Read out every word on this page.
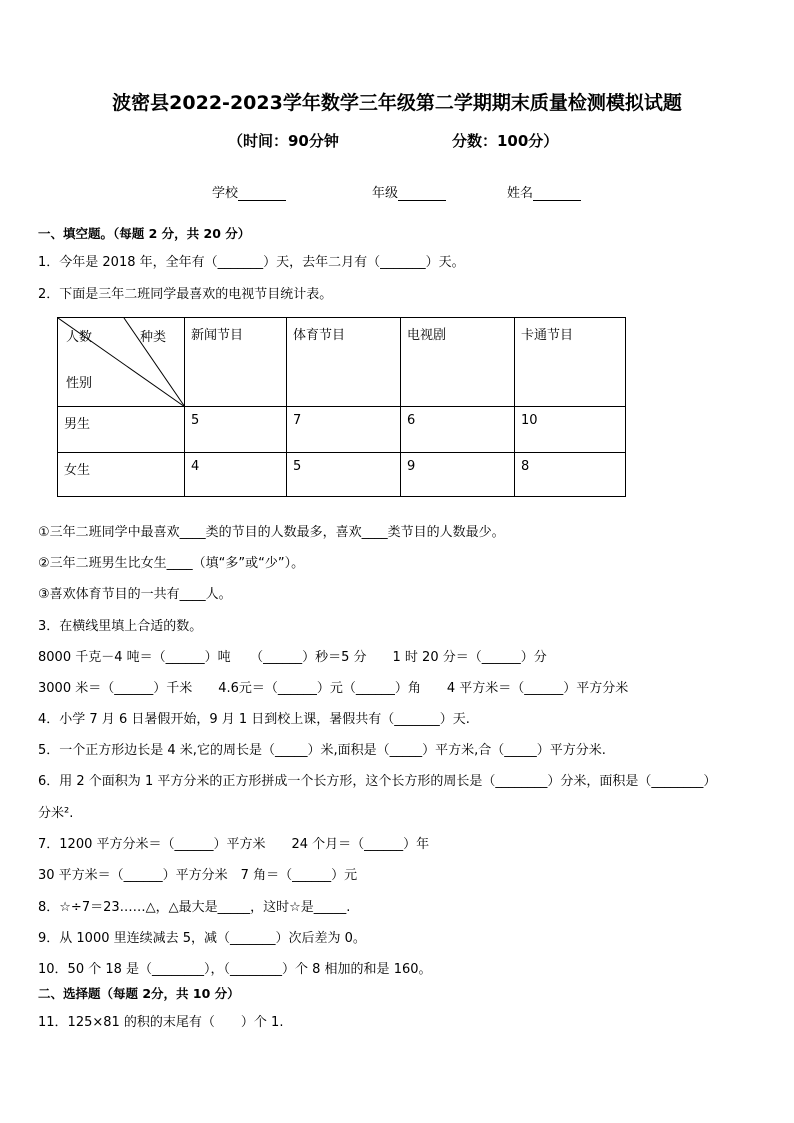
波密县2022-2023学年数学三年级第二学期期末质量检测模拟试题
（时间：90分钟	分数：100分）
学校	年级	姓名
一、填空题。（每题 2 分，共 20 分）
1．今年是 2018 年，全年有（_______）天，去年二月有（_______）天。
2．下面是三年二班同学最喜欢的电视节目统计表。
人数 种类
性别	新闻节目	体育节目	电视剧	卡通节目
男生	5	7	6	10
女生	4	5	9	8
①三年二班同学中最喜欢____类的节目的人数最多，喜欢____类节目的人数最少。
②三年二班男生比女生____（填“多”或“少”）。
③喜欢体育节目的一共有____人。
3．在横线里填上合适的数。
8000 千克－4 吨＝（______）吨　　（______）秒＝5 分　　1 时 20 分＝（______）分
3000 米＝（______）千米　　4.6元＝（______）元（______）角　　4 平方米＝（______）平方分米
4．小学 7 月 6 日暑假开始，9 月 1 日到校上课，暑假共有（_______）天.
5．一个正方形边长是 4 米,它的周长是（_____）米,面积是（_____）平方米,合（_____）平方分米.
6．用 2 个面积为 1 平方分米的正方形拼成一个长方形，这个长方形的周长是（________）分米，面积是（________）
分米².
7．1200 平方分米＝（______）平方米　　24 个月＝（______）年
30 平方米＝（______）平方分米　7 角＝（______）元
8．☆÷7＝23……△，△最大是_____，这时☆是_____.
9．从 1000 里连续减去 5，减（_______）次后差为 0。
10．50 个 18 是（________），（________）个 8 相加的和是 160。
二、选择题（每题 2分，共 10 分）
11．125×81 的积的末尾有（　　）个 1.
